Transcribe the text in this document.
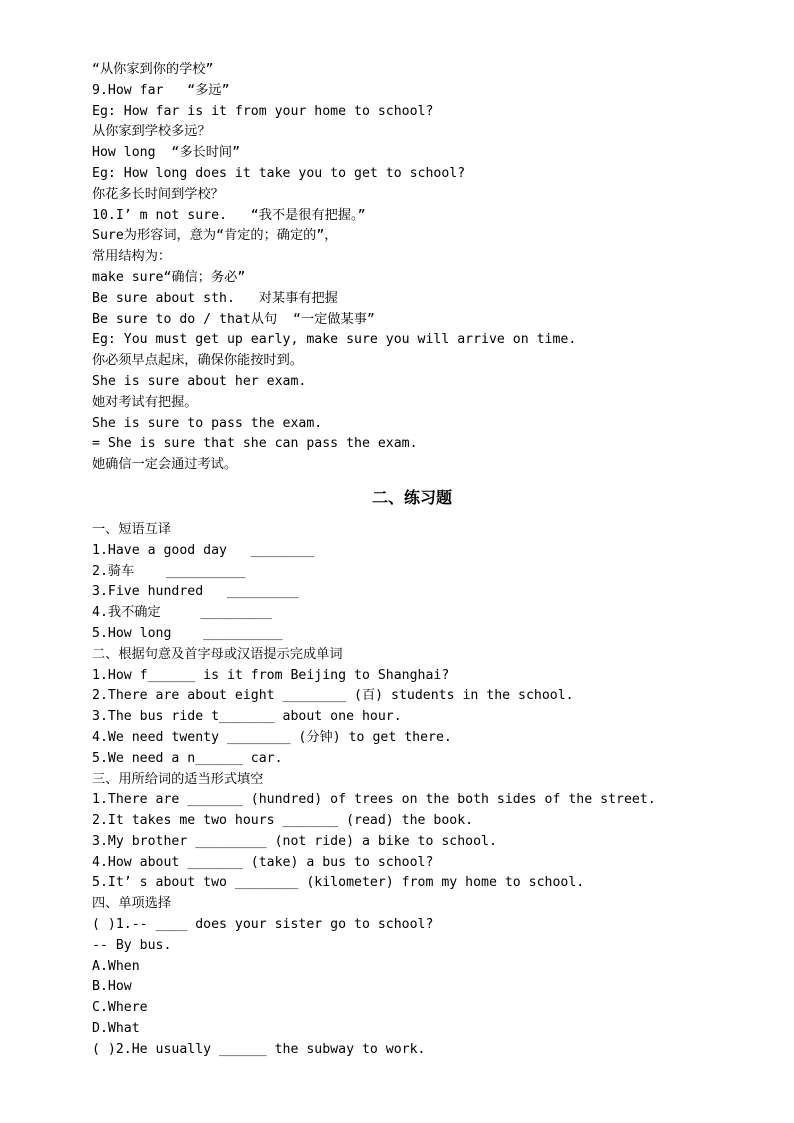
“从你家到你的学校”
9.How far   “多远”
Eg: How far is it from your home to school?
从你家到学校多远？
How long  “多长时间”
Eg: How long does it take you to get to school?
你花多长时间到学校？
10.I’ m not sure.   “我不是很有把握。”
Sure为形容词，意为“肯定的；确定的”，
常用结构为：
make sure“确信；务必”
Be sure about sth.   对某事有把握
Be sure to do / that从句  “一定做某事”
Eg: You must get up early, make sure you will arrive on time.
你必须早点起床，确保你能按时到。
She is sure about her exam.
她对考试有把握。
She is sure to pass the exam.
= She is sure that she can pass the exam.
她确信一定会通过考试。
二、练习题
一、短语互译
1.Have a good day   ________
2.骑车    __________
3.Five hundred   _________
4.我不确定     _________
5.How long    __________
二、根据句意及首字母或汉语提示完成单词
1.How f______ is it from Beijing to Shanghai?
2.There are about eight ________ (百) students in the school.
3.The bus ride t_______ about one hour.
4.We need twenty ________ (分钟) to get there.
5.We need a n______ car.
三、用所给词的适当形式填空
1.There are _______ (hundred) of trees on the both sides of the street.
2.It takes me two hours _______ (read) the book.
3.My brother _________ (not ride) a bike to school.
4.How about _______ (take) a bus to school?
5.It’ s about two ________ (kilometer) from my home to school.
四、单项选择
( )1.-- ____ does your sister go to school?
-- By bus.
A.When
B.How
C.Where
D.What
( )2.He usually ______ the subway to work.
